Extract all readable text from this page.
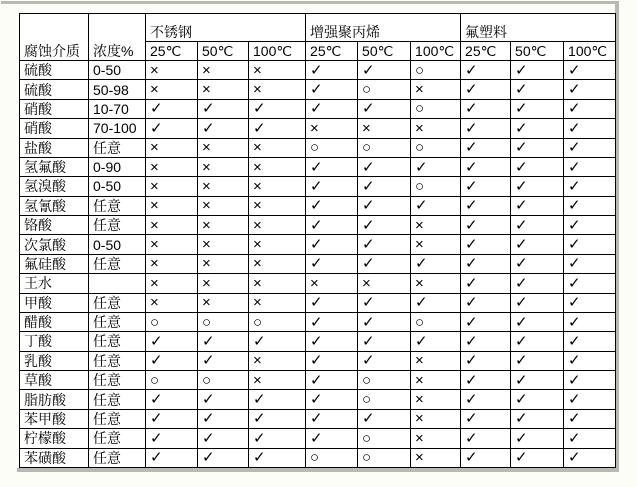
腐蚀介质	浓度%	不锈钢			增强聚丙烯			氟塑料		
		25℃	50℃	100℃	25℃	50℃	100℃	25℃	50℃	100℃
硫酸	0-50	×	×	×	✓	✓	○	✓	✓	✓
硫酸	50-98	×	×	×	✓	○	×	✓	✓	✓
硝酸	10-70	✓	✓	✓	✓	✓	○	✓	✓	✓
硝酸	70-100	✓	✓	✓	×	×	×	✓	✓	✓
盐酸	任意	×	×	×	○	○	○	✓	✓	✓
氢氟酸	0-90	×	×	×	✓	✓	✓	✓	✓	✓
氢溴酸	0-50	×	×	×	✓	✓	○	✓	✓	✓
氢氰酸	任意	×	×	×	✓	✓	✓	✓	✓	✓
铬酸	任意	×	×	×	✓	✓	×	✓	✓	✓
次氯酸	0-50	×	×	×	✓	✓	×	✓	✓	✓
氟硅酸	任意	×	×	×	✓	✓	✓	✓	✓	✓
王水		×	×	×	×	×	×	✓	✓	✓
甲酸	任意	×	×	×	✓	✓	✓	✓	✓	✓
醋酸	任意	○	○	○	✓	✓	○	✓	✓	✓
丁酸	任意	✓	✓	✓	✓	✓	✓	✓	✓	✓
乳酸	任意	✓	✓	×	✓	✓	×	✓	✓	✓
草酸	任意	○	○	×	✓	○	×	✓	✓	✓
脂肪酸	任意	✓	✓	✓	✓	○	×	✓	✓	✓
苯甲酸	任意	✓	✓	✓	✓	✓	×	✓	✓	✓
柠檬酸	任意	✓	✓	✓	✓	○	×	✓	✓	✓
苯磺酸	任意	✓	✓	✓	○	○	×	✓	✓	✓
